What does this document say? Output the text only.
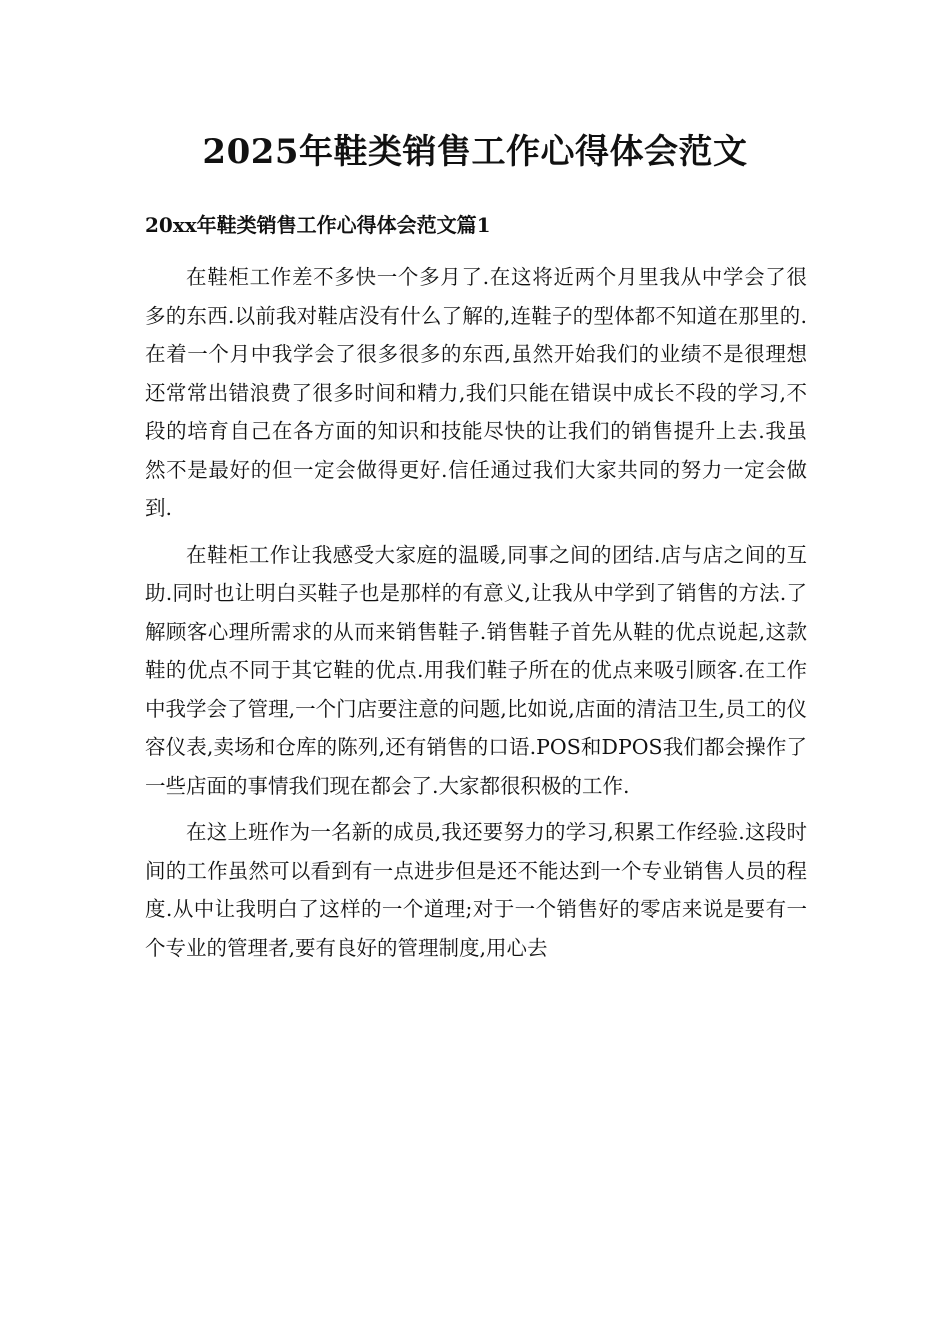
2025年鞋类销售工作心得体会范文
20xx年鞋类销售工作心得体会范文篇1

在鞋柜工作差不多快一个多月了.在这将近两个月里我从中学会了很多的东西.以前我对鞋店没有什么了解的,连鞋子的型体都不知道在那里的.在着一个月中我学会了很多很多的东西,虽然开始我们的业绩不是很理想还常常出错浪费了很多时间和精力,我们只能在错误中成长不段的学习,不段的培育自己在各方面的知识和技能尽快的让我们的销售提升上去.我虽然不是最好的但一定会做得更好.信任通过我们大家共同的努力一定会做到.

在鞋柜工作让我感受大家庭的温暖,同事之间的团结.店与店之间的互助.同时也让明白买鞋子也是那样的有意义,让我从中学到了销售的方法.了解顾客心理所需求的从而来销售鞋子.销售鞋子首先从鞋的优点说起,这款鞋的优点不同于其它鞋的优点.用我们鞋子所在的优点来吸引顾客.在工作中我学会了管理,一个门店要注意的问题,比如说,店面的清洁卫生,员工的仪容仪表,卖场和仓库的陈列,还有销售的口语.POS和DPOS我们都会操作了一些店面的事情我们现在都会了.大家都很积极的工作.

在这上班作为一名新的成员,我还要努力的学习,积累工作经验.这段时间的工作虽然可以看到有一点进步但是还不能达到一个专业销售人员的程度.从中让我明白了这样的一个道理;对于一个销售好的零店来说是要有一个专业的管理者,要有良好的管理制度,用心去
